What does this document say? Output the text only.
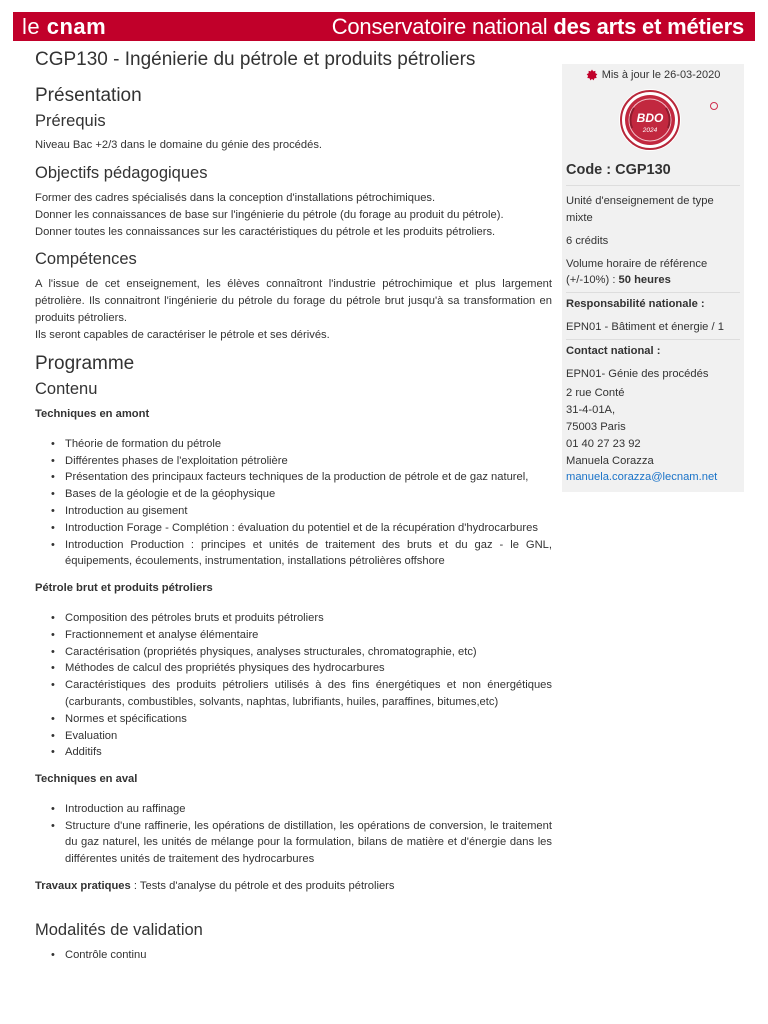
le cnam	Conservatoire national des arts et métiers
CGP130 - Ingénierie du pétrole et produits pétroliers
Présentation
Prérequis

Niveau Bac +2/3 dans le domaine du génie des procédés.

Objectifs pédagogiques

Former des cadres spécialisés dans la conception d'installations pétrochimiques.

Donner les connaissances de base sur l'ingénierie du pétrole (du forage au produit du pétrole).

Donner toutes les connaissances sur les caractéristiques du pétrole et les produits pétroliers.

Compétences

A l'issue de cet enseignement, les élèves connaîtront l'industrie pétrochimique et plus largement pétrolière. Ils connaitront l'ingénierie du pétrole du forage du pétrole brut jusqu'à sa transformation en produits pétroliers.

Ils seront capables de caractériser le pétrole et ses dérivés.

Programme
Contenu
Techniques en amont
• Théorie de formation du pétrole
• Différentes phases de l'exploitation pétrolière
• Présentation des principaux facteurs techniques de la production de pétrole et de gaz naturel,
• Bases de la géologie et de la géophysique
• Introduction au gisement
• Introduction Forage - Complétion : évaluation du potentiel et de la récupération d'hydrocarbures
• Introduction Production : principes et unités de traitement des bruts et du gaz - le GNL, équipements, écoulements, instrumentation, installations pétrolières offshore
Pétrole brut et produits pétroliers
• Composition des pétroles bruts et produits pétroliers
• Fractionnement et analyse élémentaire
• Caractérisation (propriétés physiques, analyses structurales, chromatographie, etc)
• Méthodes de calcul des propriétés physiques des hydrocarbures
• Caractéristiques des produits pétroliers utilisés à des fins énergétiques et non énergétiques (carburants, combustibles, solvants, naphtas, lubrifiants, huiles, paraffines, bitumes,etc)
• Normes et spécifications
• Evaluation
• Additifs
Techniques en aval
• Introduction au raffinage
• Structure d'une raffinerie, les opérations de distillation, les opérations de conversion, le traitement du gaz naturel, les unités de mélange pour la formulation, bilans de matière et d'énergie dans les différentes unités de traitement des hydrocarbures

Travaux pratiques : Tests d'analyse du pétrole et des produits pétroliers

Modalités de validation
• Contrôle continu
Mis à jour le 26-03-2020
BDO
2024
Code : CGP130
Unité d'enseignement de type mixte
6 crédits
Volume horaire de référence (+/-10%) : 50 heures
Responsabilité nationale :
EPN01 - Bâtiment et énergie / 1
Contact national :
EPN01- Génie des procédés
2 rue Conté
31-4-01A,
75003 Paris
01 40 27 23 92
Manuela Corazza
manuela.corazza@lecnam.net
